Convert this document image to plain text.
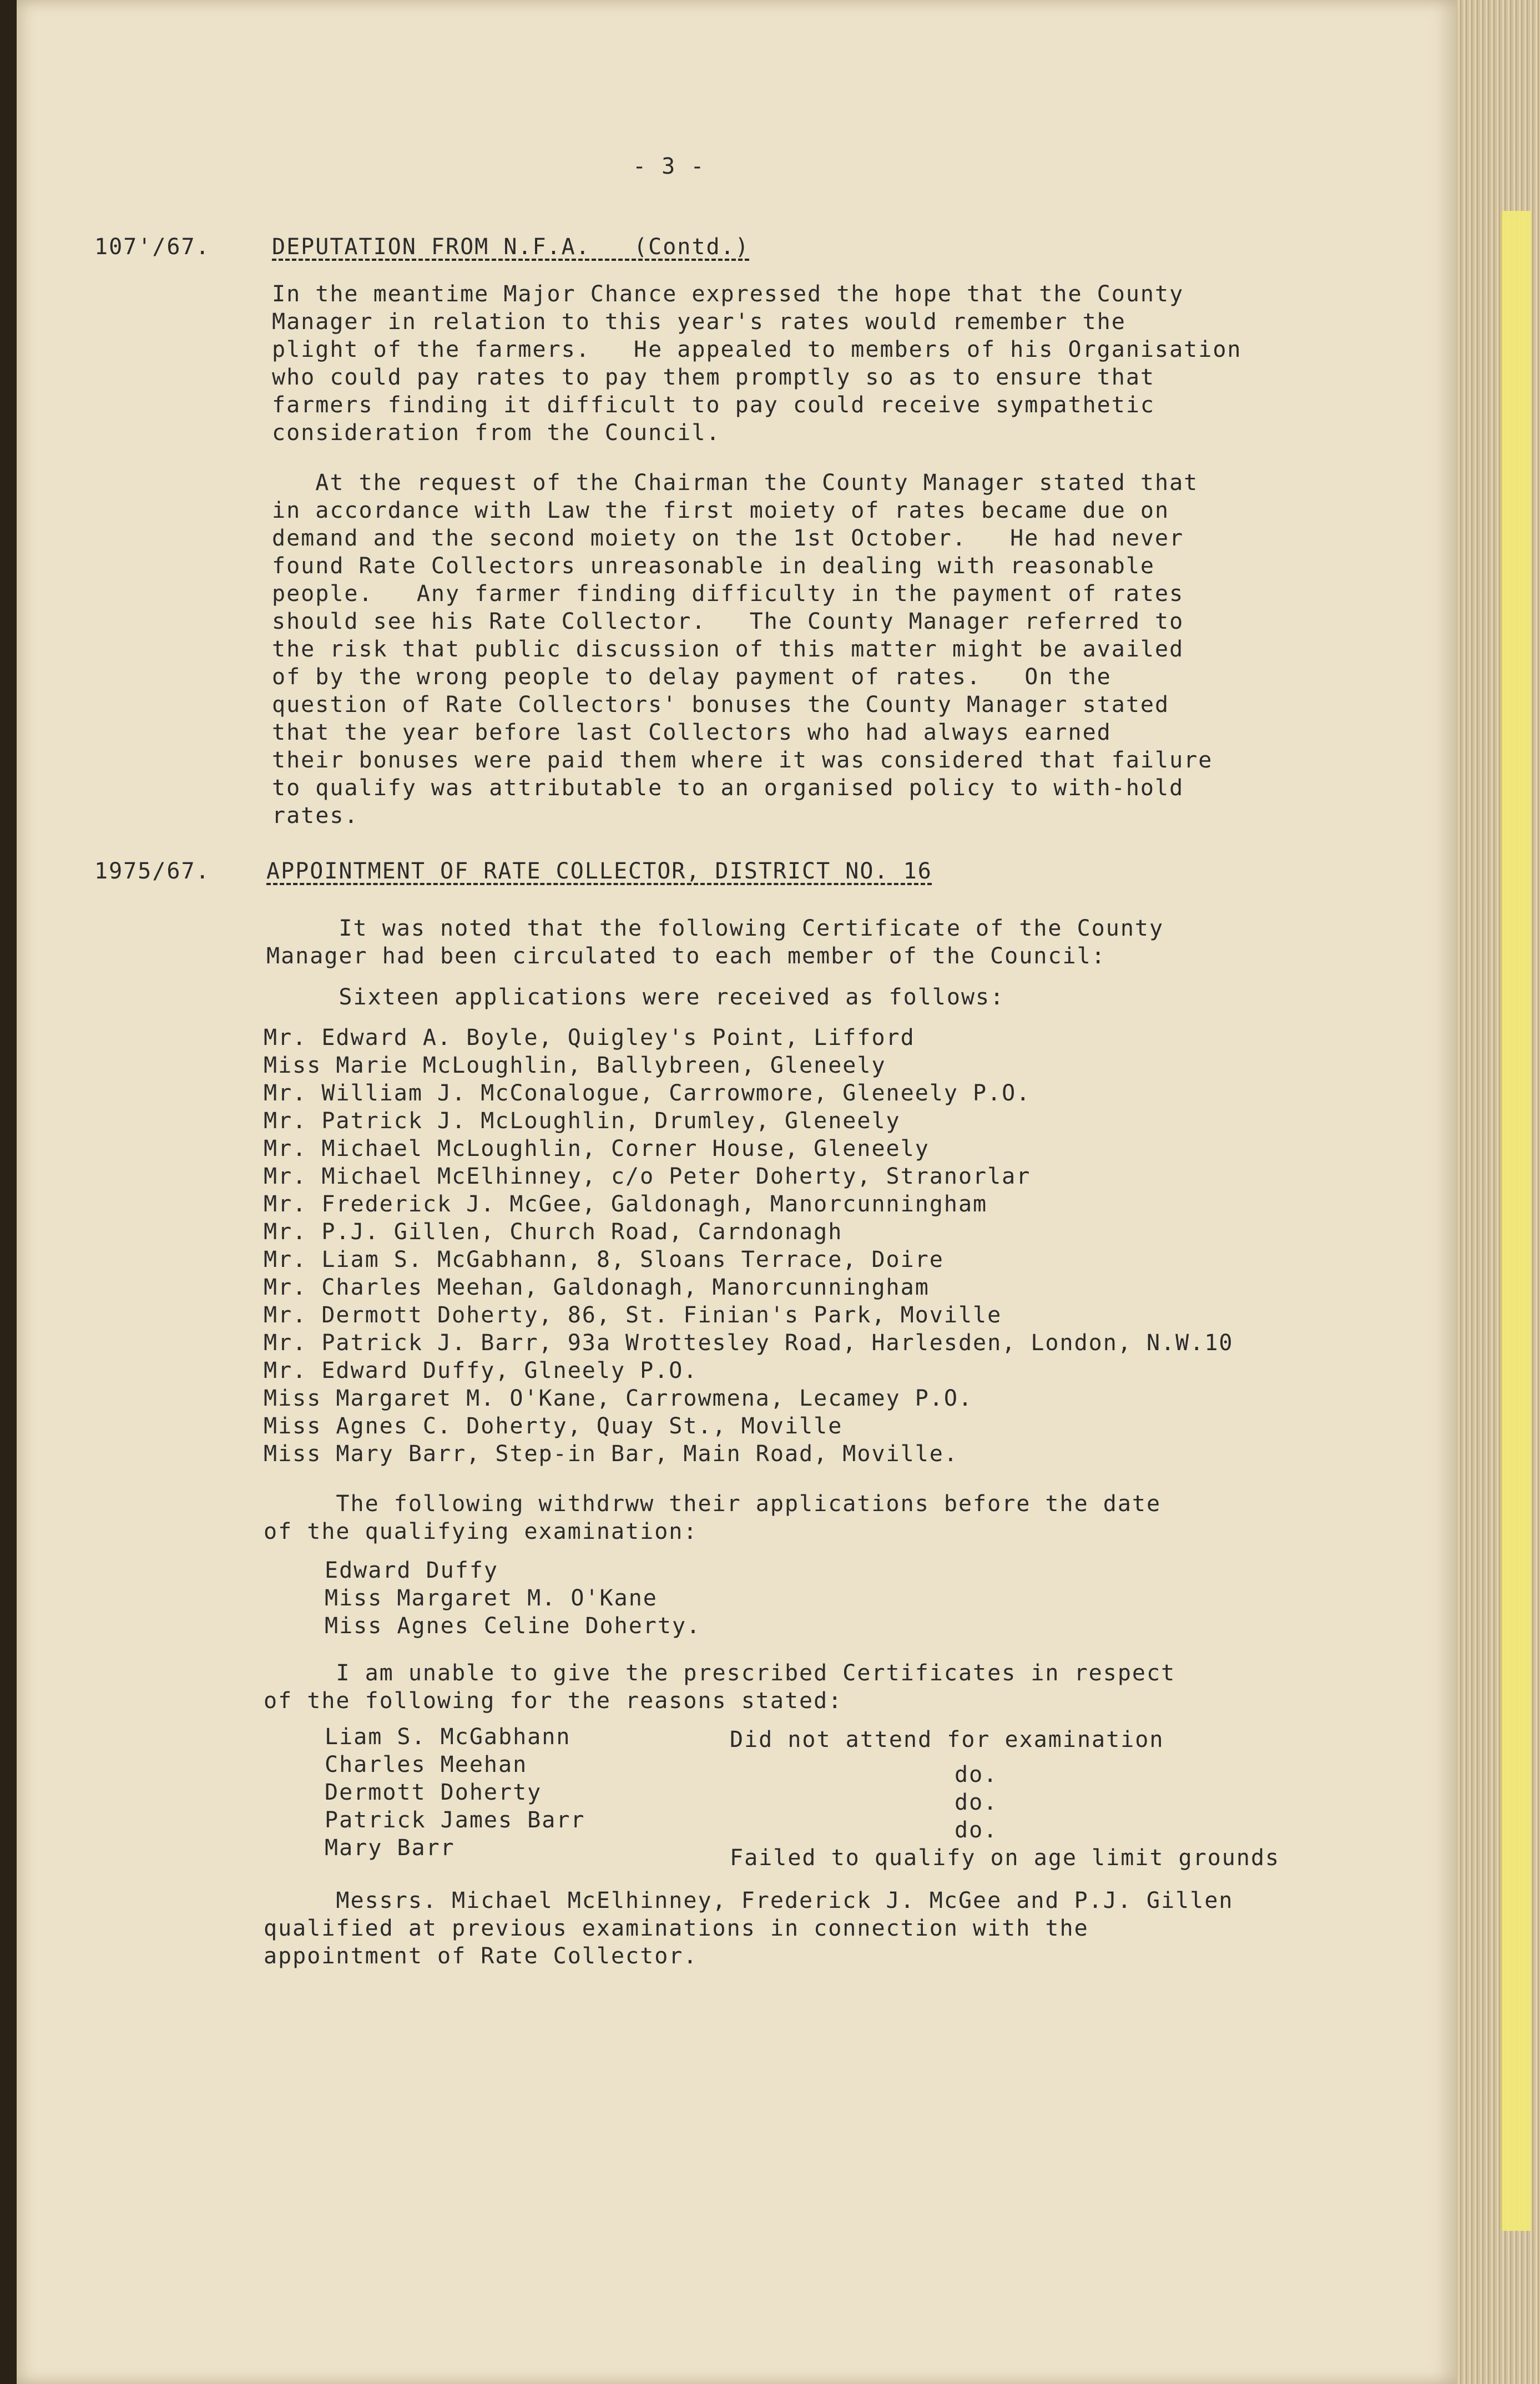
- 3 -
107'/67.	DEPUTATION FROM N.F.A.   (Contd.)
In the meantime Major Chance expressed the hope that the County
Manager in relation to this year's rates would remember the
plight of the farmers.   He appealed to members of his Organisation
who could pay rates to pay them promptly so as to ensure that
farmers finding it difficult to pay could receive sympathetic
consideration from the Council.
At the request of the Chairman the County Manager stated that
in accordance with Law the first moiety of rates became due on
demand and the second moiety on the 1st October.   He had never
found Rate Collectors unreasonable in dealing with reasonable
people.   Any farmer finding difficulty in the payment of rates
should see his Rate Collector.   The County Manager referred to
the risk that public discussion of this matter might be availed
of by the wrong people to delay payment of rates.   On the
question of Rate Collectors' bonuses the County Manager stated
that the year before last Collectors who had always earned
their bonuses were paid them where it was considered that failure
to qualify was attributable to an organised policy to with-hold
rates.
1975/67.	APPOINTMENT OF RATE COLLECTOR, DISTRICT NO. 16
It was noted that the following Certificate of the County
Manager had been circulated to each member of the Council:
Sixteen applications were received as follows:
Mr. Edward A. Boyle, Quigley's Point, Lifford
Miss Marie McLoughlin, Ballybreen, Gleneely
Mr. William J. McConalogue, Carrowmore, Gleneely P.O.
Mr. Patrick J. McLoughlin, Drumley, Gleneely
Mr. Michael McLoughlin, Corner House, Gleneely
Mr. Michael McElhinney, c/o Peter Doherty, Stranorlar
Mr. Frederick J. McGee, Galdonagh, Manorcunningham
Mr. P.J. Gillen, Church Road, Carndonagh
Mr. Liam S. McGabhann, 8, Sloans Terrace, Doire
Mr. Charles Meehan, Galdonagh, Manorcunningham
Mr. Dermott Doherty, 86, St. Finian's Park, Moville
Mr. Patrick J. Barr, 93a Wrottesley Road, Harlesden, London, N.W.10
Mr. Edward Duffy, Glneely P.O.
Miss Margaret M. O'Kane, Carrowmena, Lecamey P.O.
Miss Agnes C. Doherty, Quay St., Moville
Miss Mary Barr, Step-in Bar, Main Road, Moville.
The following withdrww their applications before the date
of the qualifying examination:
Edward Duffy
Miss Margaret M. O'Kane
Miss Agnes Celine Doherty.
I am unable to give the prescribed Certificates in respect
of the following for the reasons stated:
Liam S. McGabhann	Did not attend for examination
Charles Meehan	do.
Dermott Doherty	do.
Patrick James Barr	do.
Mary Barr	Failed to qualify on age limit grounds
Messrs. Michael McElhinney, Frederick J. McGee and P.J. Gillen
qualified at previous examinations in connection with the
appointment of Rate Collector.
